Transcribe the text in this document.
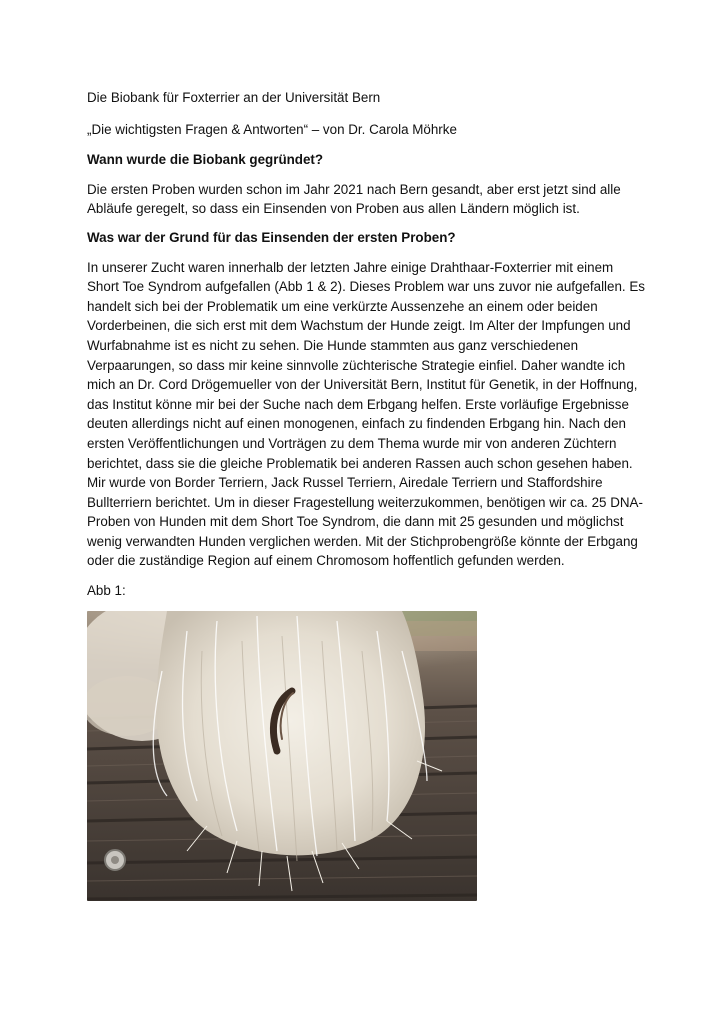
Die Biobank für Foxterrier an der Universität Bern

„Die wichtigsten Fragen & Antworten“ – von Dr. Carola Möhrke

Wann wurde die Biobank gegründet?

Die ersten Proben wurden schon im Jahr 2021 nach Bern gesandt, aber erst jetzt sind alle Abläufe geregelt, so dass ein Einsenden von Proben aus allen Ländern möglich ist.

Was war der Grund für das Einsenden der ersten Proben?

In unserer Zucht waren innerhalb der letzten Jahre einige Drahthaar-Foxterrier mit einem Short Toe Syndrom aufgefallen (Abb 1 & 2). Dieses Problem war uns zuvor nie aufgefallen. Es handelt sich bei der Problematik um eine verkürzte Aussenzehe an einem oder beiden Vorderbeinen, die sich erst mit dem Wachstum der Hunde zeigt. Im Alter der Impfungen und Wurfabnahme ist es nicht zu sehen. Die Hunde stammten aus ganz verschiedenen Verpaarungen, so dass mir keine sinnvolle züchterische Strategie einfiel. Daher wandte ich mich an Dr. Cord Drögemueller von der Universität Bern, Institut für Genetik, in der Hoffnung, das Institut könne mir bei der Suche nach dem Erbgang helfen. Erste vorläufige Ergebnisse deuten allerdings nicht auf einen monogenen, einfach zu findenden Erbgang hin. Nach den ersten Veröffentlichungen und Vorträgen zu dem Thema wurde mir von anderen Züchtern berichtet, dass sie die gleiche Problematik bei anderen Rassen auch schon gesehen haben. Mir wurde von Border Terriern, Jack Russel Terriern, Airedale Terriern und Staffordshire Bullterriern berichtet. Um in dieser Fragestellung weiterzukommen, benötigen wir ca. 25 DNA-Proben von Hunden mit dem Short Toe Syndrom, die dann mit 25 gesunden und möglichst wenig verwandten Hunden verglichen werden. Mit der Stichprobengröße könnte der Erbgang oder die zuständige Region auf einem Chromosom hoffentlich gefunden werden.

Abb 1:
